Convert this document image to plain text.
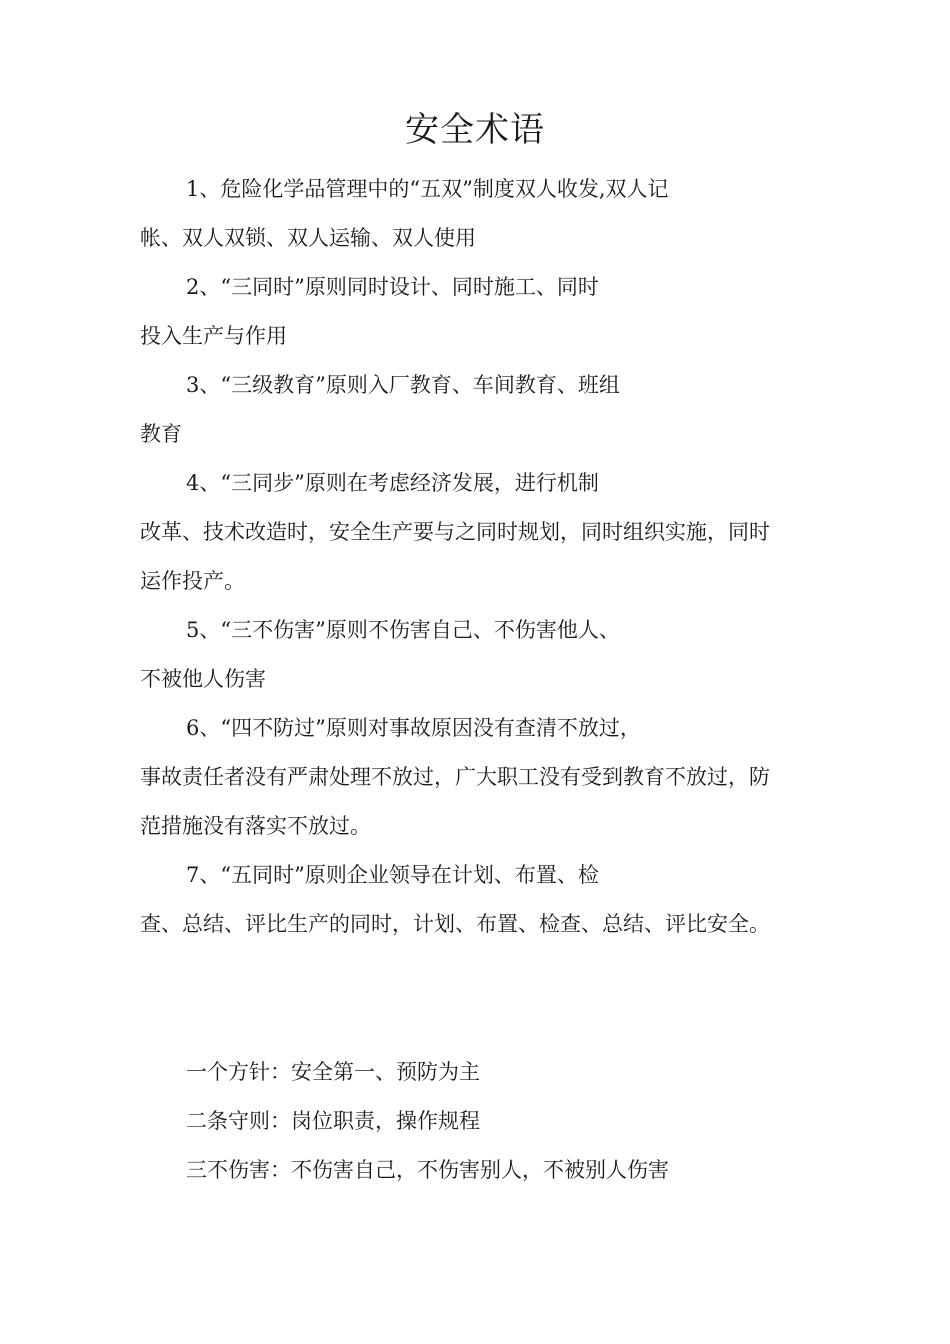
安全术语
1、危险化学品管理中的“五双”制度双人收发,双人记
帐、双人双锁、双人运输、双人使用
2、“三同时”原则同时设计、同时施工、同时
投入生产与作用
3、“三级教育”原则入厂教育、车间教育、班组
教育
4、“三同步”原则在考虑经济发展，进行机制
改革、技术改造时，安全生产要与之同时规划，同时组织实施，同时
运作投产。
5、“三不伤害”原则不伤害自己、不伤害他人、
不被他人伤害
6、“四不防过”原则对事故原因没有查清不放过，
事故责任者没有严肃处理不放过，广大职工没有受到教育不放过，防
范措施没有落实不放过。
7、“五同时”原则企业领导在计划、布置、检
查、总结、评比生产的同时，计划、布置、检查、总结、评比安全。
一个方针：安全第一、预防为主
二条守则：岗位职责，操作规程
三不伤害：不伤害自己，不伤害别人，不被别人伤害
